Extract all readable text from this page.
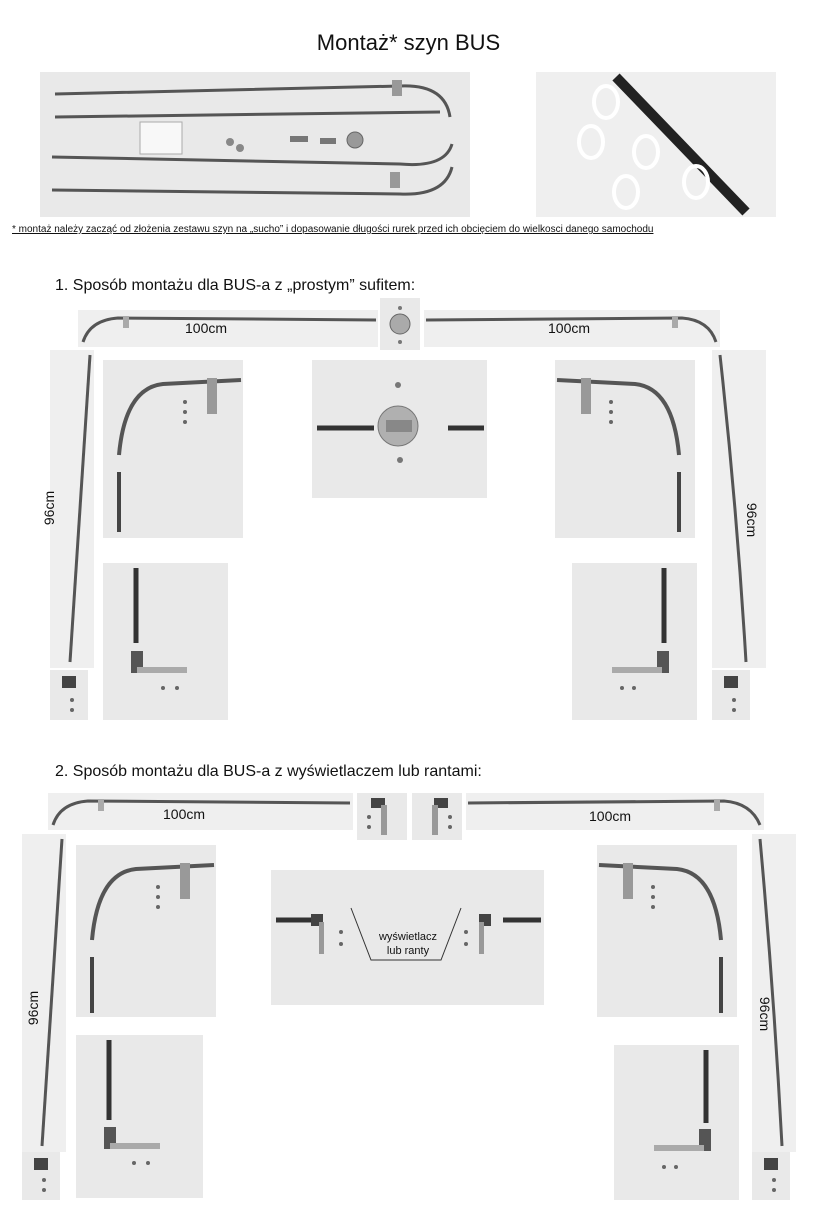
Montaż* szyn BUS
* montaż należy zacząć od złożenia zestawu szyn na „sucho” i dopasowanie długości rurek przed ich obcięciem do wielkosci danego samochodu
1. Sposób montażu dla BUS-a z „prostym” sufitem:
100cm	100cm
96cm	96cm
2. Sposób montażu dla BUS-a z wyświetlaczem lub rantami:
100cm	100cm
96cm	96cm
wyświetlacz
lub ranty
